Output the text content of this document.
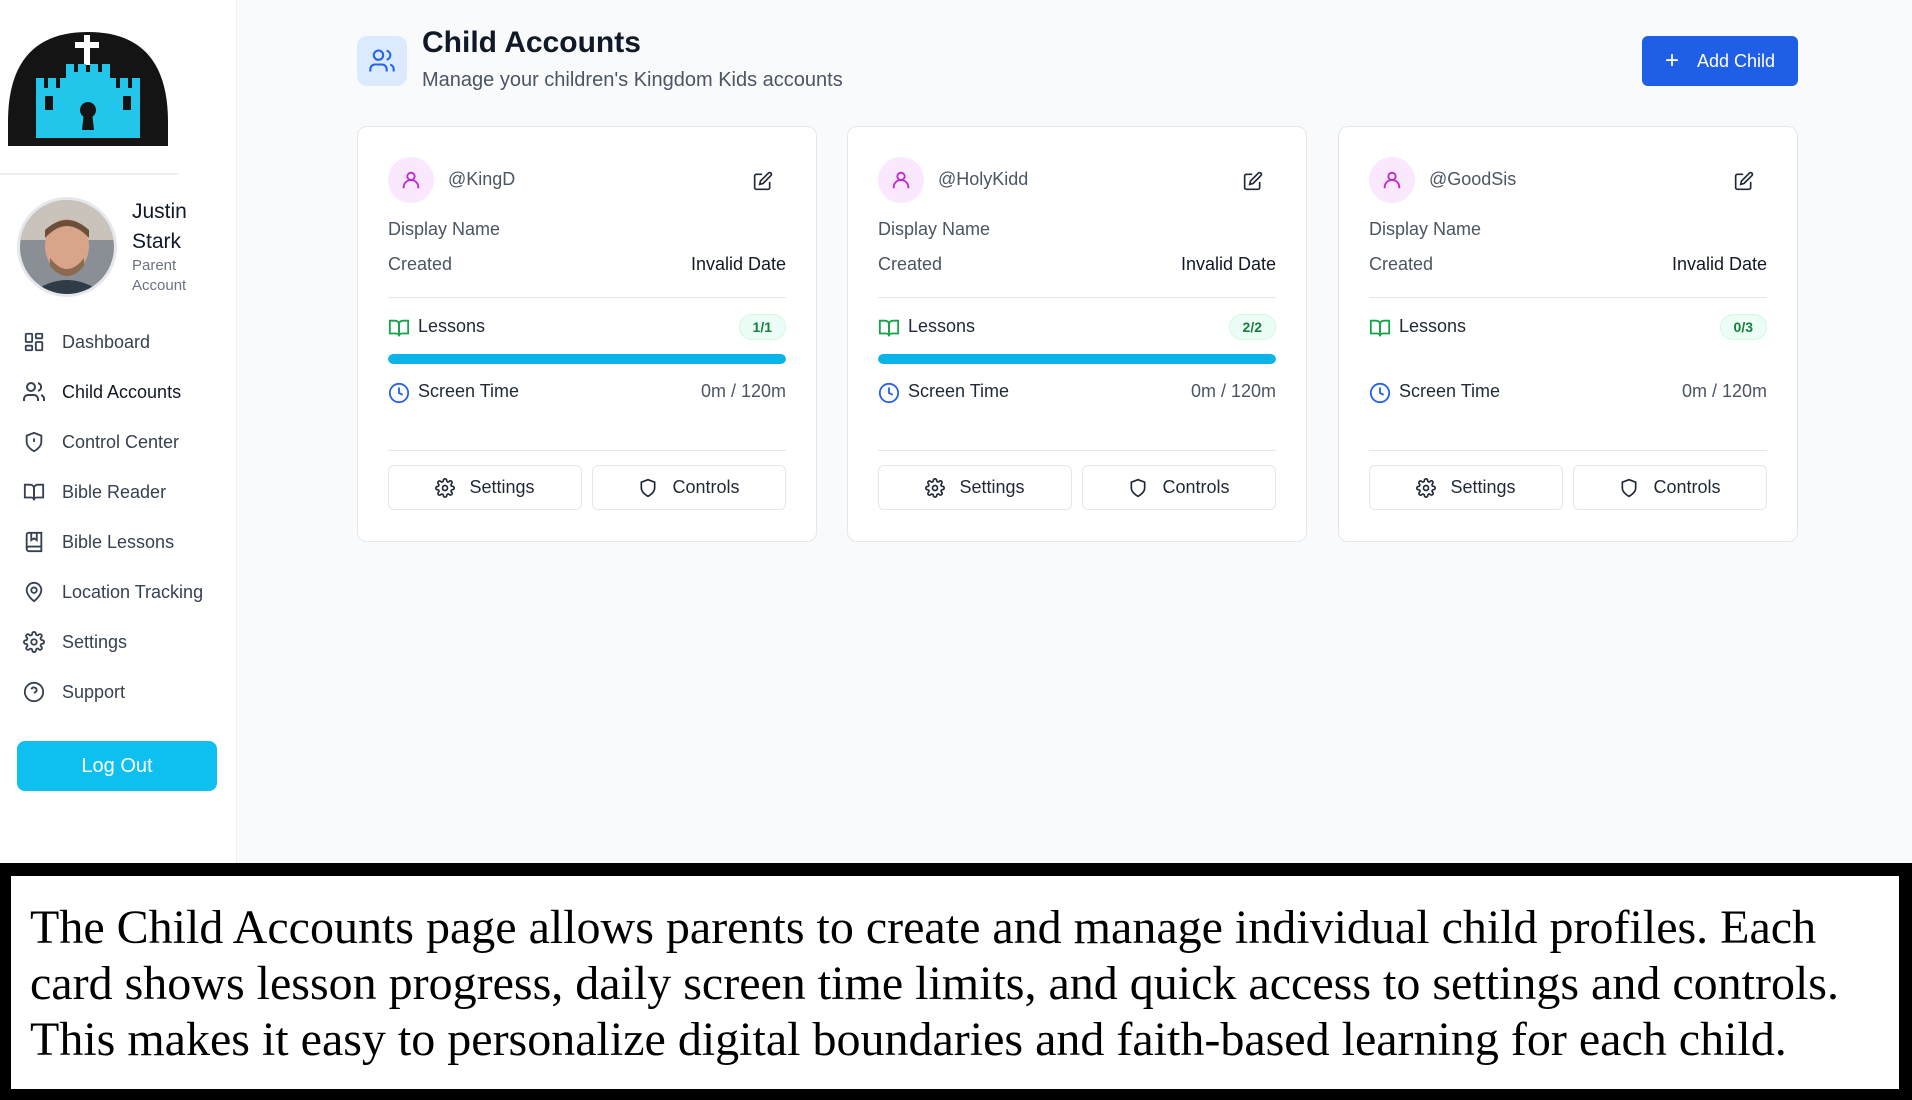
Justin Stark
Parent Account
Dashboard
Child Accounts
Control Center
Bible Reader
Bible Lessons
Location Tracking
Settings
Support
Log Out
Child Accounts
Manage your children's Kingdom Kids accounts
+ Add Child
@KingD
Display Name
Created	Invalid Date
Lessons	1/1
Screen Time	0m / 120m
Settings	Controls
@HolyKidd
Display Name
Created	Invalid Date
Lessons	2/2
Screen Time	0m / 120m
Settings	Controls
@GoodSis
Display Name
Created	Invalid Date
Lessons	0/3
Screen Time	0m / 120m
Settings	Controls

The Child Accounts page allows parents to create and manage individual child profiles. Each card shows lesson progress, daily screen time limits, and quick access to settings and controls. This makes it easy to personalize digital boundaries and faith-based learning for each child.
